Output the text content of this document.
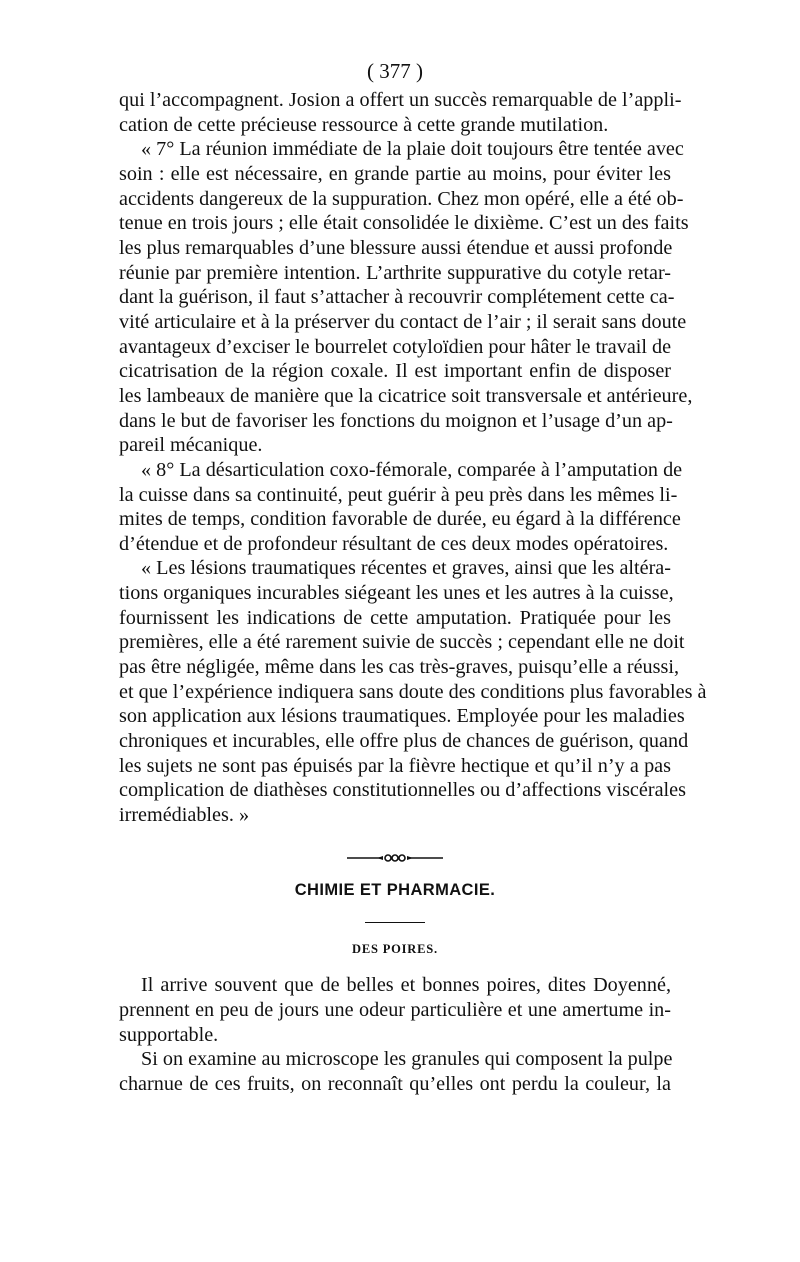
( 377 )
qui l’accompagnent. Josion a offert un succès remarquable de l’appli-
cation de cette précieuse ressource à cette grande mutilation.
« 7° La réunion immédiate de la plaie doit toujours être tentée avec
soin : elle est nécessaire, en grande partie au moins, pour éviter les
accidents dangereux de la suppuration. Chez mon opéré, elle a été ob-
tenue en trois jours ; elle était consolidée le dixième. C’est un des faits
les plus remarquables d’une blessure aussi étendue et aussi profonde
réunie par première intention. L’arthrite suppurative du cotyle retar-
dant la guérison, il faut s’attacher à recouvrir complétement cette ca-
vité articulaire et à la préserver du contact de l’air ; il serait sans doute
avantageux d’exciser le bourrelet cotyloïdien pour hâter le travail de
cicatrisation de la région coxale. Il est important enfin de disposer
les lambeaux de manière que la cicatrice soit transversale et antérieure,
dans le but de favoriser les fonctions du moignon et l’usage d’un ap-
pareil mécanique.
« 8° La désarticulation coxo-fémorale, comparée à l’amputation de
la cuisse dans sa continuité, peut guérir à peu près dans les mêmes li-
mites de temps, condition favorable de durée, eu égard à la différence
d’étendue et de profondeur résultant de ces deux modes opératoires.
« Les lésions traumatiques récentes et graves, ainsi que les altéra-
tions organiques incurables siégeant les unes et les autres à la cuisse,
fournissent les indications de cette amputation. Pratiquée pour les
premières, elle a été rarement suivie de succès ; cependant elle ne doit
pas être négligée, même dans les cas très-graves, puisqu’elle a réussi,
et que l’expérience indiquera sans doute des conditions plus favorables à
son application aux lésions traumatiques. Employée pour les maladies
chroniques et incurables, elle offre plus de chances de guérison, quand
les sujets ne sont pas épuisés par la fièvre hectique et qu’il n’y a pas
complication de diathèses constitutionnelles ou d’affections viscérales
irremédiables. »
CHIMIE ET PHARMACIE.
DES POIRES.
Il arrive souvent que de belles et bonnes poires, dites Doyenné,
prennent en peu de jours une odeur particulière et une amertume in-
supportable.
Si on examine au microscope les granules qui composent la pulpe
charnue de ces fruits, on reconnaît qu’elles ont perdu la couleur, la
